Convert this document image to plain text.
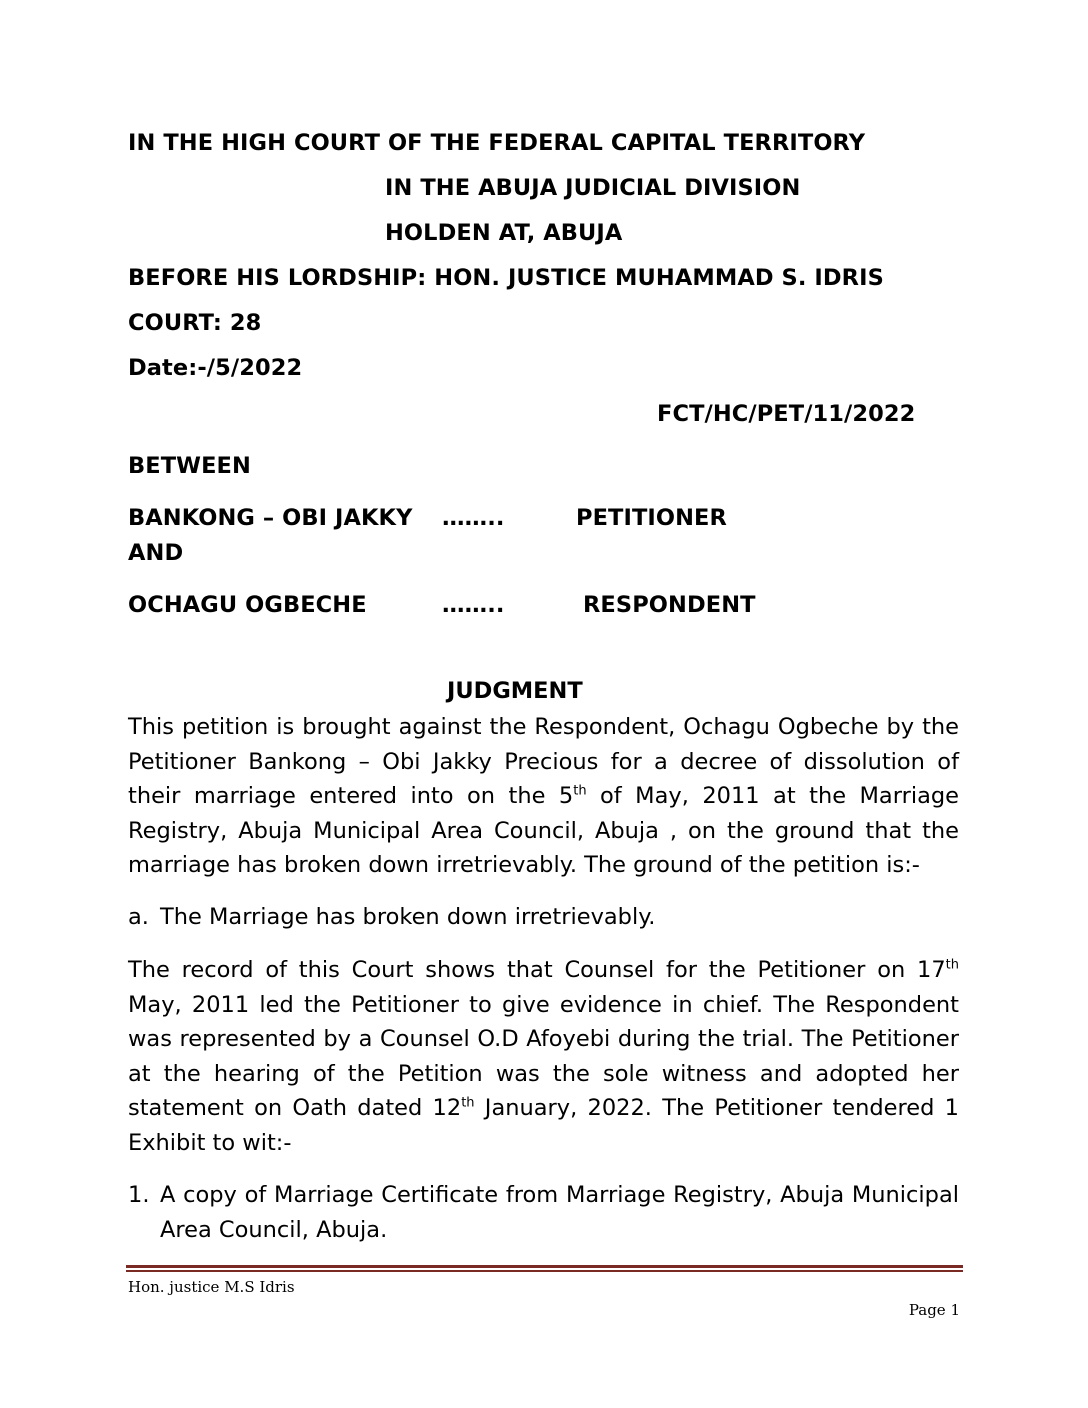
IN THE HIGH COURT OF THE FEDERAL CAPITAL TERRITORY
IN THE ABUJA JUDICIAL DIVISION
HOLDEN AT, ABUJA
BEFORE HIS LORDSHIP: HON. JUSTICE MUHAMMAD S. IDRIS
COURT: 28
Date:-/5/2022
FCT/HC/PET/11/2022
BETWEEN
BANKONG – OBI JAKKY ……..	PETITIONER
AND
OCHAGU OGBECHE	……..	RESPONDENT
JUDGMENT
This petition is brought against the Respondent, Ochagu Ogbeche by the Petitioner Bankong – Obi Jakky Precious for a decree of dissolution of their marriage entered into on the 5th of May, 2011 at the Marriage Registry, Abuja Municipal Area Council, Abuja , on the ground that the marriage has broken down irretrievably. The ground of the petition is:-
a. The Marriage has broken down irretrievably.
The record of this Court shows that Counsel for the Petitioner on 17th May, 2011 led the Petitioner to give evidence in chief. The Respondent was represented by a Counsel O.D Afoyebi during the trial. The Petitioner at the hearing of the Petition was the sole witness and adopted her statement on Oath dated 12th January, 2022. The Petitioner tendered 1 Exhibit to wit:-
1. A copy of Marriage Certificate from Marriage Registry, Abuja Municipal Area Council, Abuja.
Hon. justice M.S Idris
Page 1
